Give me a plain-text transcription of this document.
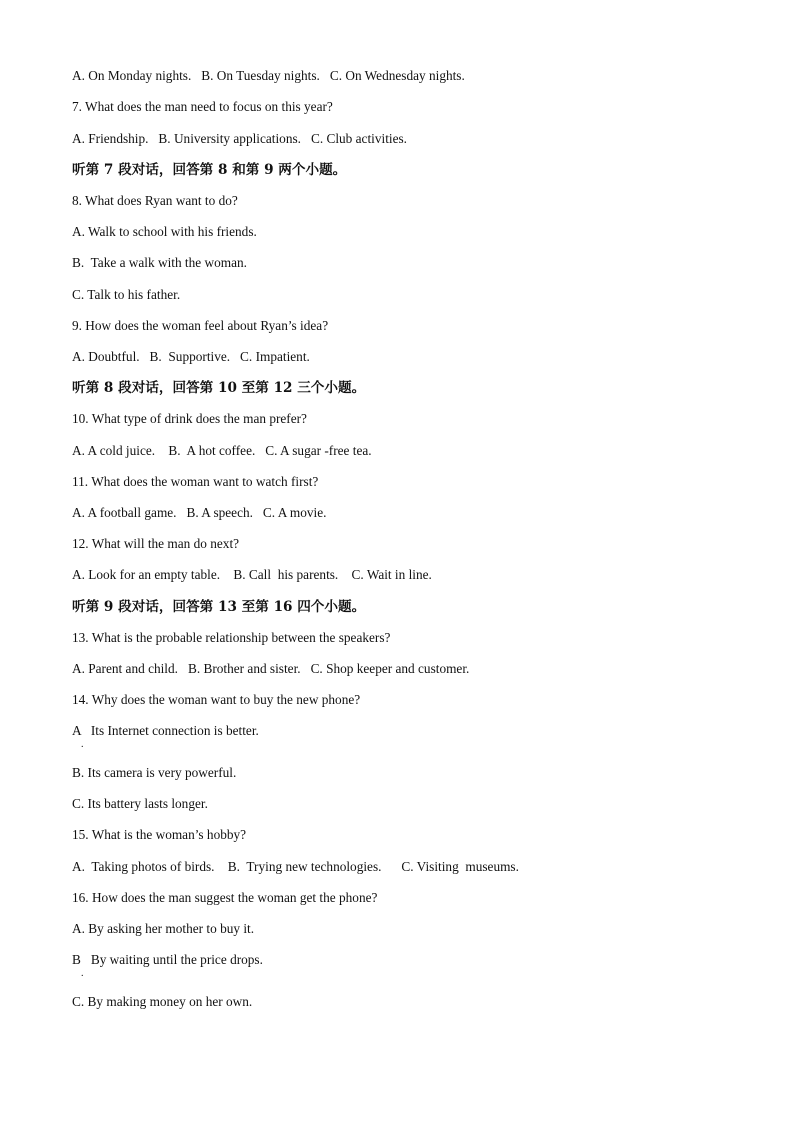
A. On Monday nights.   B. On Tuesday nights.   C. On Wednesday nights.
7. What does the man need to focus on this year?
A. Friendship.   B. University applications.   C. Club activities.
听第 7 段对话，回答第 8 和第 9 两个小题。
8. What does Ryan want to do?
A. Walk to school with his friends.
B.  Take a walk with the woman.
C. Talk to his father.
9. How does the woman feel about Ryan’s idea?
A. Doubtful.   B.  Supportive.   C. Impatient.
听第 8 段对话，回答第 10 至第 12 三个小题。
10. What type of drink does the man prefer?
A. A cold juice.    B.  A hot coffee.   C. A sugar -free tea.
11. What does the woman want to watch first?
A. A football game.   B. A speech.   C. A movie.
12. What will the man do next?
A. Look for an empty table.    B. Call  his parents.    C. Wait in line.
听第 9 段对话，回答第 13 至第 16 四个小题。
13. What is the probable relationship between the speakers?
A. Parent and child.   B. Brother and sister.   C. Shop keeper and customer.
14. Why does the woman want to buy the new phone?
A   Its Internet connection is better.
.
B. Its camera is very powerful.
C. Its battery lasts longer.
15. What is the woman’s hobby?
A.  Taking photos of birds.    B.  Trying new technologies.      C. Visiting  museums.
16. How does the man suggest the woman get the phone?
A. By asking her mother to buy it.
B   By waiting until the price drops.
.
C. By making money on her own.
